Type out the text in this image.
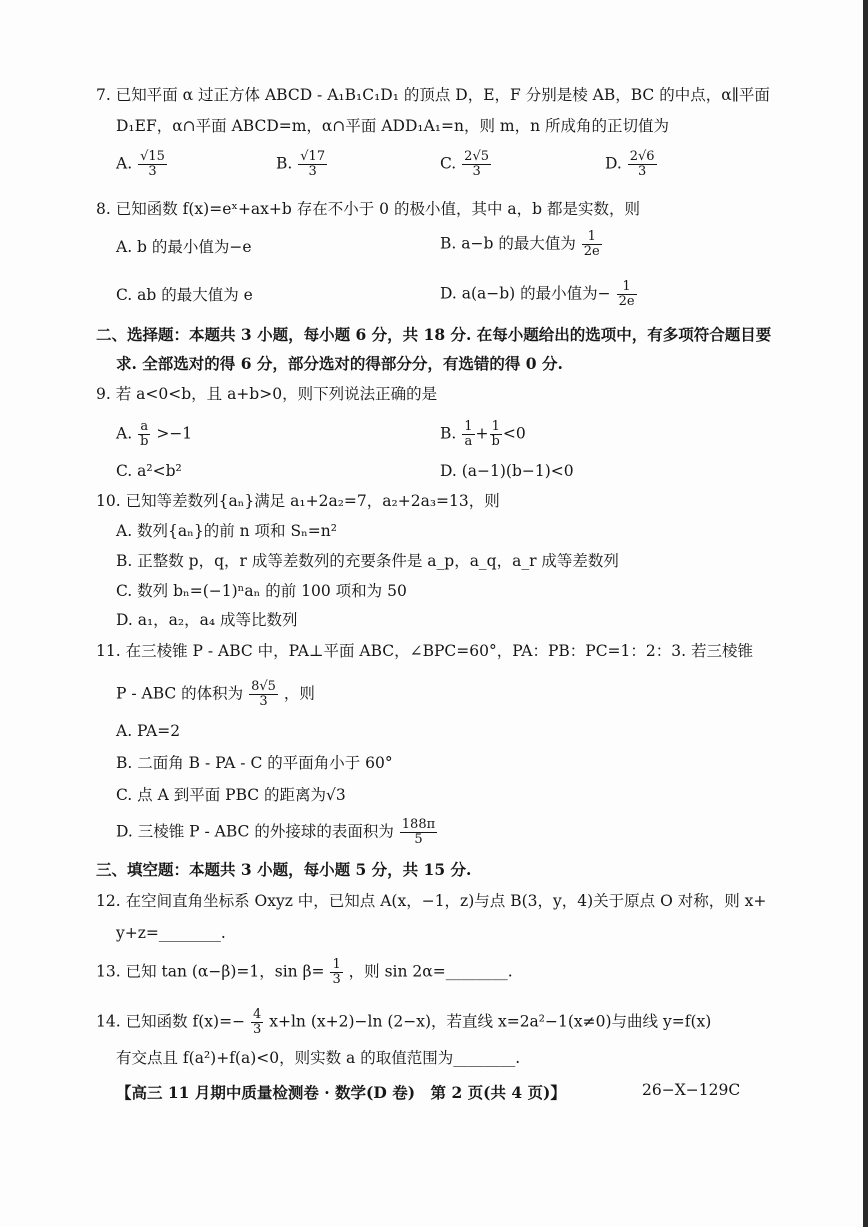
7. 已知平面 α 过正方体 ABCD - A₁B₁C₁D₁ 的顶点 D，E，F 分别是棱 AB，BC 的中点，α∥平面
D₁EF，α∩平面 ABCD=m，α∩平面 ADD₁A₁=n，则 m，n 所成角的正切值为
A. $\frac{√15}{3}$	B. $\frac{√17}{3}$	C. $\frac{2√5}{3}$	D. $\frac{2√6}{3}$
8. 已知函数 f(x)=eˣ+ax+b 存在不小于 0 的极小值，其中 a，b 都是实数，则
A. b 的最小值为−e	B. a−b 的最大值为 $\frac{1}{2e}$
C. ab 的最大值为 e	D. a(a−b) 的最小值为− $\frac{1}{2e}$
二、选择题：本题共 3 小题，每小题 6 分，共 18 分. 在每小题给出的选项中，有多项符合题目要
求. 全部选对的得 6 分，部分选对的得部分分，有选错的得 0 分.
9. 若 a<0<b，且 a+b>0，则下列说法正确的是
A. $\frac{a}{b} >-1$	B. $\frac{1}{a} + \frac{1}{b} <0$
C. a²<b²	D. (a−1)(b−1)<0
10. 已知等差数列{aₙ}满足 a₁+2a₂=7，a₂+2a₃=13，则
A. 数列{aₙ}的前 n 项和 Sₙ=n²
B. 正整数 p，q，r 成等差数列的充要条件是 a_p，a_q，a_r 成等差数列
C. 数列 bₙ=(−1)ⁿaₙ 的前 100 项和为 50
D. a₁，a₂，a₄ 成等比数列
11. 在三棱锥 P - ABC 中，PA⊥平面 ABC，∠BPC=60°，PA：PB：PC=1：2：3. 若三棱锥
P - ABC 的体积为 $\frac{8√5}{3}$ ，则
A. PA=2
B. 二面角 B - PA - C 的平面角小于 60°
C. 点 A 到平面 PBC 的距离为√3
D. 三棱锥 P - ABC 的外接球的表面积为 $\frac{188\pi}{5}$
三、填空题：本题共 3 小题，每小题 5 分，共 15 分.
12. 在空间直角坐标系 Oxyz 中，已知点 A(x，−1，z)与点 B(3，y，4)关于原点 O 对称，则 x+
y+z=________.
13. 已知 tan (α−β)=1，$\sin \beta= \frac{1}{3}$ ，则 sin 2α=________.
14. 已知函数 $f(x)=- \frac{4}{3} x+\ln$ (x+2)−ln (2−x)，若直线 x=2a²−1(x≠0)与曲线 y=f(x)
有交点且 f(a²)+f(a)<0，则实数 a 的取值范围为________.
【高三 11 月期中质量检测卷 · 数学(D 卷)　第 2 页(共 4 页)】	26−X−129C
